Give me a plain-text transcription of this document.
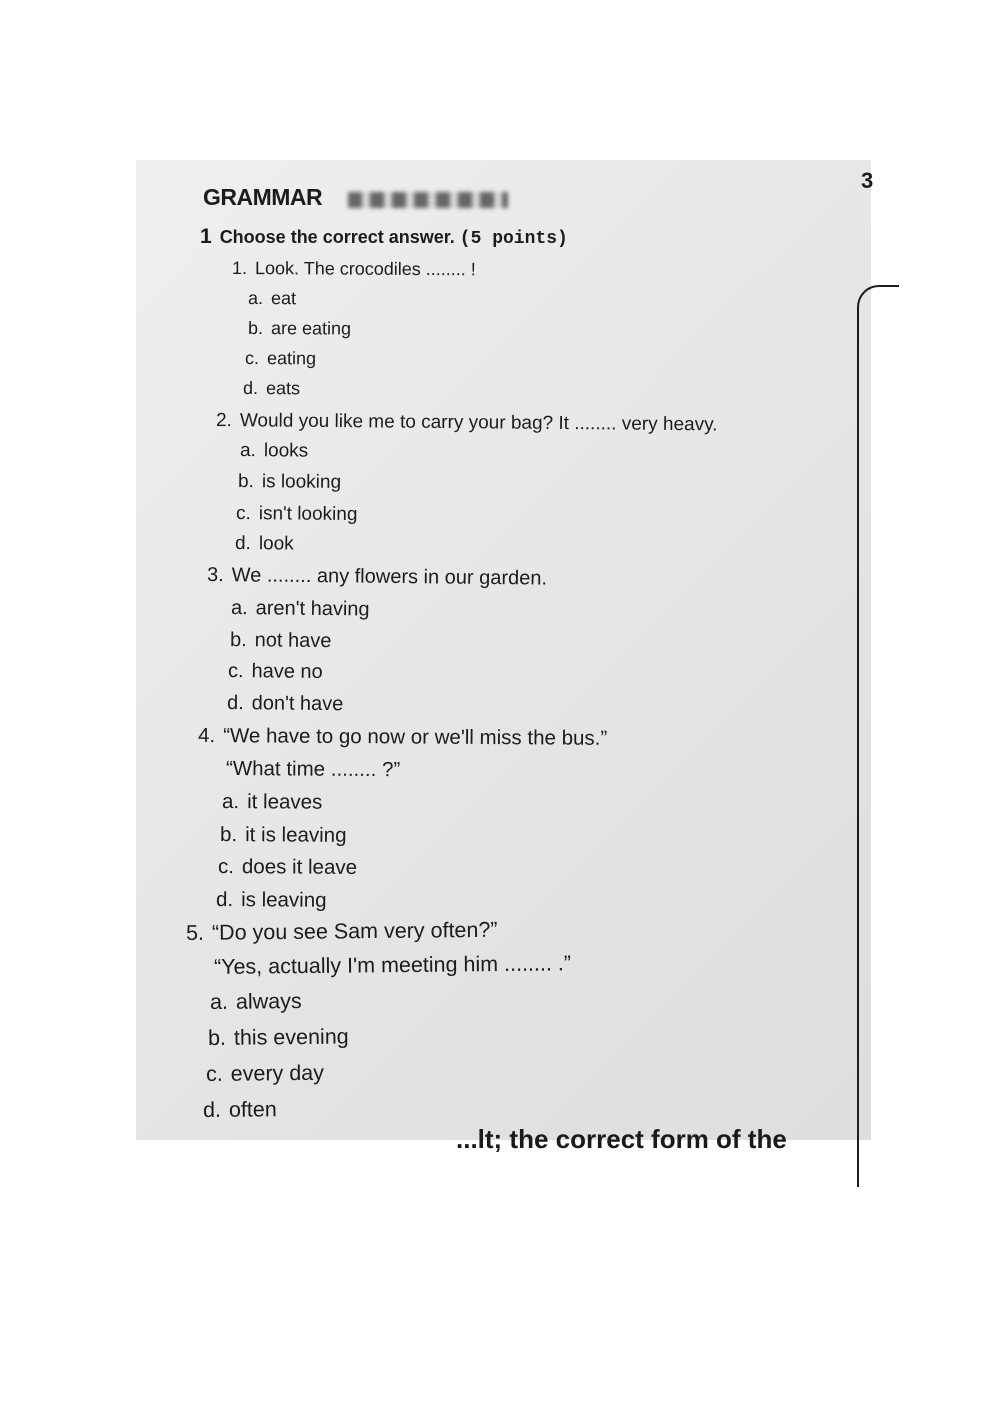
3
GRAMMAR
1 Choose the correct answer. (5 points)
1. Look. The crocodiles ........ !
a. eat
b. are eating
c. eating
d. eats
2. Would you like me to carry your bag? It ........ very heavy.
a. looks
b. is looking
c. isn't looking
d. look
3. We ........ any flowers in our garden.
a. aren't having
b. not have
c. have no
d. don't have
4. “We have to go now or we'll miss the bus.”
“What time ........ ?”
a. it leaves
b. it is leaving
c. does it leave
d. is leaving
5. “Do you see Sam very often?”
“Yes, actually I'm meeting him ........ .”
a. always
b. this evening
c. every day
d. often
...lt; the correct form of the
